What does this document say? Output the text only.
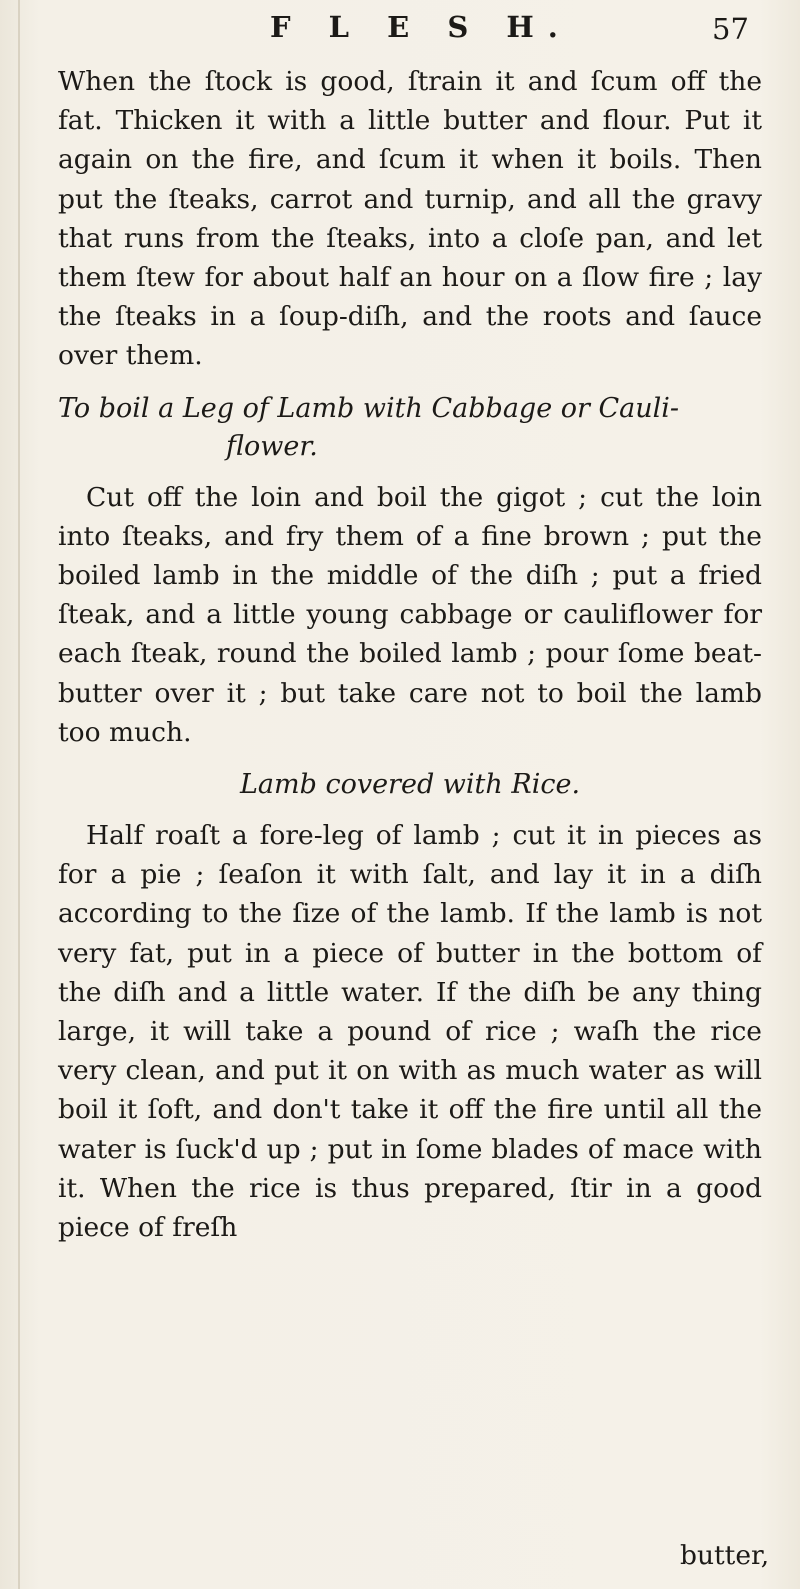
F L E S H.	57

When the ſtock is good, ſtrain it and ſcum off the fat. Thicken it with a little butter and flour. Put it again on the fire, and ſcum it when it boils. Then put the ſteaks, carrot and turnip, and all the gravy that runs from the ſteaks, into a cloſe pan, and let them ſtew for about half an hour on a ſlow fire ; lay the ſteaks in a ſoup-diſh, and the roots and ſauce over them.

To boil a Leg of Lamb with Cabbage or Cauli-
flower.

Cut off the loin and boil the gigot ; cut the loin into ſteaks, and fry them of a fine brown ; put the boiled lamb in the middle of the diſh ; put a fried ſteak, and a little young cabbage or cauliflower for each ſteak, round the boiled lamb ; pour ſome beat-butter over it ; but take care not to boil the lamb too much.

Lamb covered with Rice.

Half roaſt a fore-leg of lamb ; cut it in pieces as for a pie ; ſeaſon it with ſalt, and lay it in a diſh according to the ſize of the lamb. If the lamb is not very fat, put in a piece of butter in the bottom of the diſh and a little water. If the diſh be any thing large, it will take a pound of rice ; waſh the rice very clean, and put it on with as much water as will boil it ſoft, and don't take it off the fire until all the water is ſuck'd up ; put in ſome blades of mace with it. When the rice is thus prepared, ſtir in a good piece of freſh

butter,
